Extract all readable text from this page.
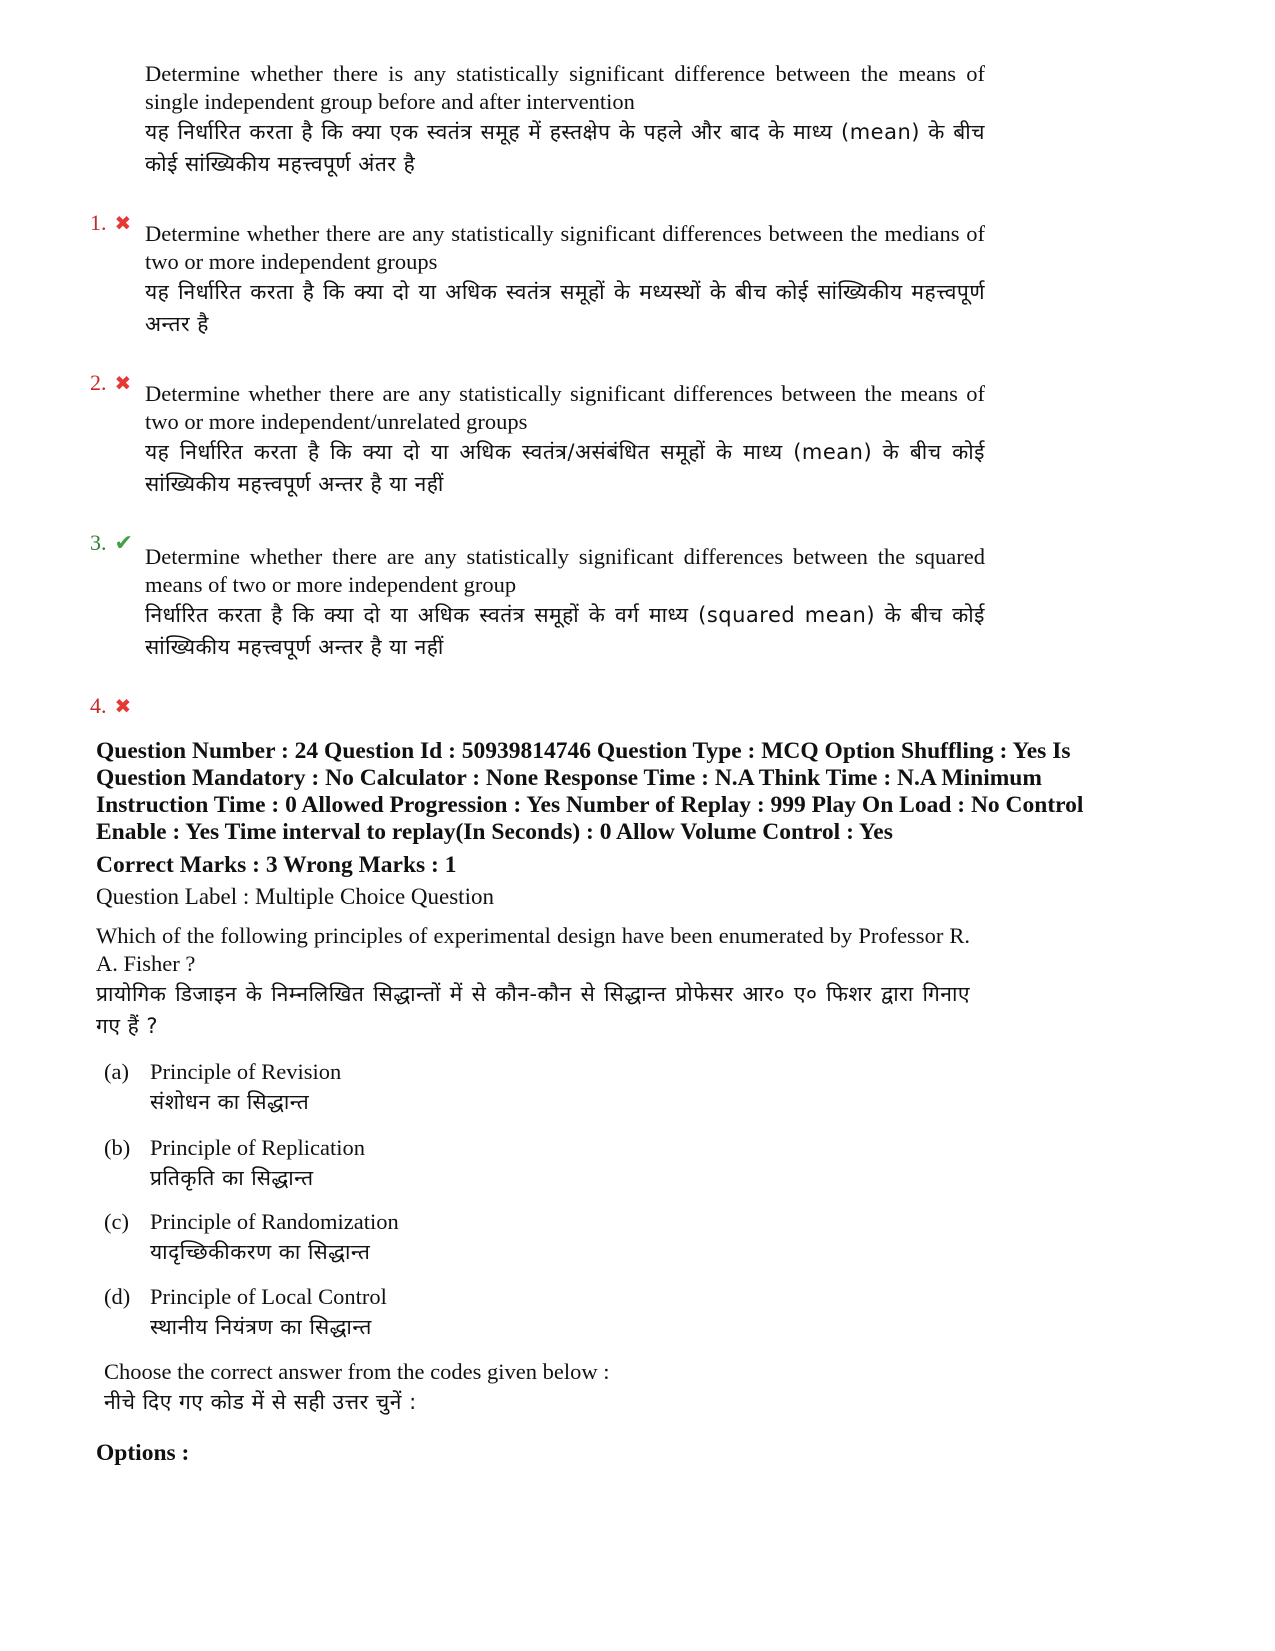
Determine whether there is any statistically significant difference between the means of single independent group before and after intervention
यह निर्धारित करता है कि क्या एक स्वतंत्र समूह में हस्तक्षेप के पहले और बाद के माध्य (mean) के बीच कोई सांख्यिकीय महत्त्वपूर्ण अंतर है
1. ✖ Determine whether there are any statistically significant differences between the medians of two or more independent groups
यह निर्धारित करता है कि क्या दो या अधिक स्वतंत्र समूहों के मध्यस्थों के बीच कोई सांख्यिकीय महत्त्वपूर्ण अन्तर है
2. ✖ Determine whether there are any statistically significant differences between the means of two or more independent/unrelated groups
यह निर्धारित करता है कि क्या दो या अधिक स्वतंत्र/असंबंधित समूहों के माध्य (mean) के बीच कोई सांख्यिकीय महत्त्वपूर्ण अन्तर है या नहीं
3. ✔
Determine whether there are any statistically significant differences between the squared means of two or more independent group
निर्धारित करता है कि क्या दो या अधिक स्वतंत्र समूहों के वर्ग माध्य (squared mean) के बीच कोई सांख्यिकीय महत्त्वपूर्ण अन्तर है या नहीं
4. ✖
Question Number : 24 Question Id : 50939814746 Question Type : MCQ Option Shuffling : Yes Is Question Mandatory : No Calculator : None Response Time : N.A Think Time : N.A Minimum Instruction Time : 0 Allowed Progression : Yes Number of Replay : 999 Play On Load : No Control Enable : Yes Time interval to replay(In Seconds) : 0 Allow Volume Control : Yes
Correct Marks : 3 Wrong Marks : 1
Question Label : Multiple Choice Question
Which of the following principles of experimental design have been enumerated by Professor R. A. Fisher ?
प्रायोगिक डिजाइन के निम्नलिखित सिद्धान्तों में से कौन-कौन से सिद्धान्त प्रोफेसर आर० ए० फिशर द्वारा गिनाए गए हैं ?
(a) Principle of Revision
संशोधन का सिद्धान्त
(b) Principle of Replication
प्रतिकृति का सिद्धान्त
(c) Principle of Randomization
यादृच्छिकीकरण का सिद्धान्त
(d) Principle of Local Control
स्थानीय नियंत्रण का सिद्धान्त
Choose the correct answer from the codes given below :
नीचे दिए गए कोड में से सही उत्तर चुनें :
Options :
